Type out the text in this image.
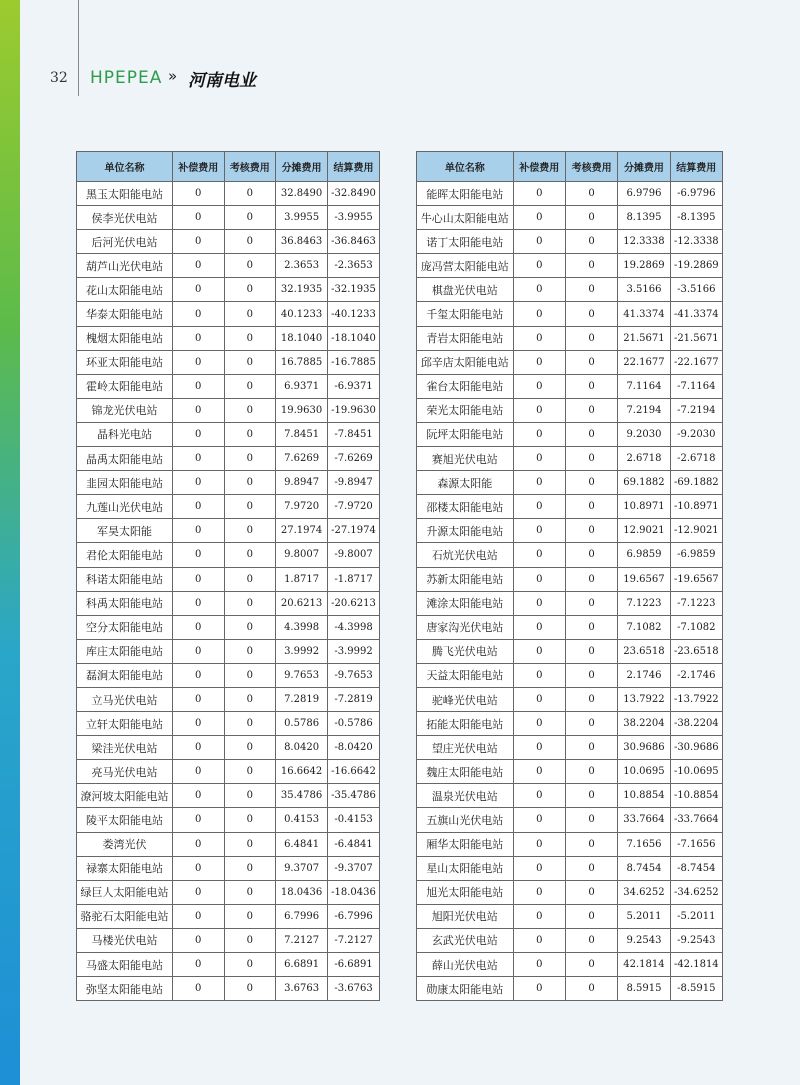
32 HPEPEA » 河南电业
单位名称	补偿费用	考核费用	分摊费用	结算费用
黑玉太阳能电站	0	0	32.8490	-32.8490
侯李光伏电站	0	0	3.9955	-3.9955
后河光伏电站	0	0	36.8463	-36.8463
葫芦山光伏电站	0	0	2.3653	-2.3653
花山太阳能电站	0	0	32.1935	-32.1935
华泰太阳能电站	0	0	40.1233	-40.1233
槐烟太阳能电站	0	0	18.1040	-18.1040
环亚太阳能电站	0	0	16.7885	-16.7885
霍岭太阳能电站	0	0	6.9371	-6.9371
锦龙光伏电站	0	0	19.9630	-19.9630
晶科光电站	0	0	7.8451	-7.8451
晶禹太阳能电站	0	0	7.6269	-7.6269
韭园太阳能电站	0	0	9.8947	-9.8947
九莲山光伏电站	0	0	7.9720	-7.9720
军昊太阳能	0	0	27.1974	-27.1974
君伦太阳能电站	0	0	9.8007	-9.8007
科诺太阳能电站	0	0	1.8717	-1.8717
科禹太阳能电站	0	0	20.6213	-20.6213
空分太阳能电站	0	0	4.3998	-4.3998
库庄太阳能电站	0	0	3.9992	-3.9992
磊涧太阳能电站	0	0	9.7653	-9.7653
立马光伏电站	0	0	7.2819	-7.2819
立轩太阳能电站	0	0	0.5786	-0.5786
梁洼光伏电站	0	0	8.0420	-8.0420
亮马光伏电站	0	0	16.6642	-16.6642
潦河坡太阳能电站	0	0	35.4786	-35.4786
陵平太阳能电站	0	0	0.4153	-0.4153
娄湾光伏	0	0	6.4841	-6.4841
禄寨太阳能电站	0	0	9.3707	-9.3707
绿巨人太阳能电站	0	0	18.0436	-18.0436
骆驼石太阳能电站	0	0	6.7996	-6.7996
马楼光伏电站	0	0	7.2127	-7.2127
马盛太阳能电站	0	0	6.6891	-6.6891
弥坚太阳能电站	0	0	3.6763	-3.6763
单位名称	补偿费用	考核费用	分摊费用	结算费用
能晖太阳能电站	0	0	6.9796	-6.9796
牛心山太阳能电站	0	0	8.1395	-8.1395
诺丁太阳能电站	0	0	12.3338	-12.3338
庞冯营太阳能电站	0	0	19.2869	-19.2869
棋盘光伏电站	0	0	3.5166	-3.5166
千玺太阳能电站	0	0	41.3374	-41.3374
青岩太阳能电站	0	0	21.5671	-21.5671
邱辛店太阳能电站	0	0	22.1677	-22.1677
雀台太阳能电站	0	0	7.1164	-7.1164
荣光太阳能电站	0	0	7.2194	-7.2194
阮坪太阳能电站	0	0	9.2030	-9.2030
赛旭光伏电站	0	0	2.6718	-2.6718
森源太阳能	0	0	69.1882	-69.1882
邵楼太阳能电站	0	0	10.8971	-10.8971
升源太阳能电站	0	0	12.9021	-12.9021
石炕光伏电站	0	0	6.9859	-6.9859
苏新太阳能电站	0	0	19.6567	-19.6567
滩涂太阳能电站	0	0	7.1223	-7.1223
唐家沟光伏电站	0	0	7.1082	-7.1082
腾飞光伏电站	0	0	23.6518	-23.6518
天益太阳能电站	0	0	2.1746	-2.1746
驼峰光伏电站	0	0	13.7922	-13.7922
拓能太阳能电站	0	0	38.2204	-38.2204
望庄光伏电站	0	0	30.9686	-30.9686
魏庄太阳能电站	0	0	10.0695	-10.0695
温泉光伏电站	0	0	10.8854	-10.8854
五旗山光伏电站	0	0	33.7664	-33.7664
厢华太阳能电站	0	0	7.1656	-7.1656
星山太阳能电站	0	0	8.7454	-8.7454
旭光太阳能电站	0	0	34.6252	-34.6252
旭阳光伏电站	0	0	5.2011	-5.2011
玄武光伏电站	0	0	9.2543	-9.2543
薛山光伏电站	0	0	42.1814	-42.1814
勋康太阳能电站	0	0	8.5915	-8.5915
